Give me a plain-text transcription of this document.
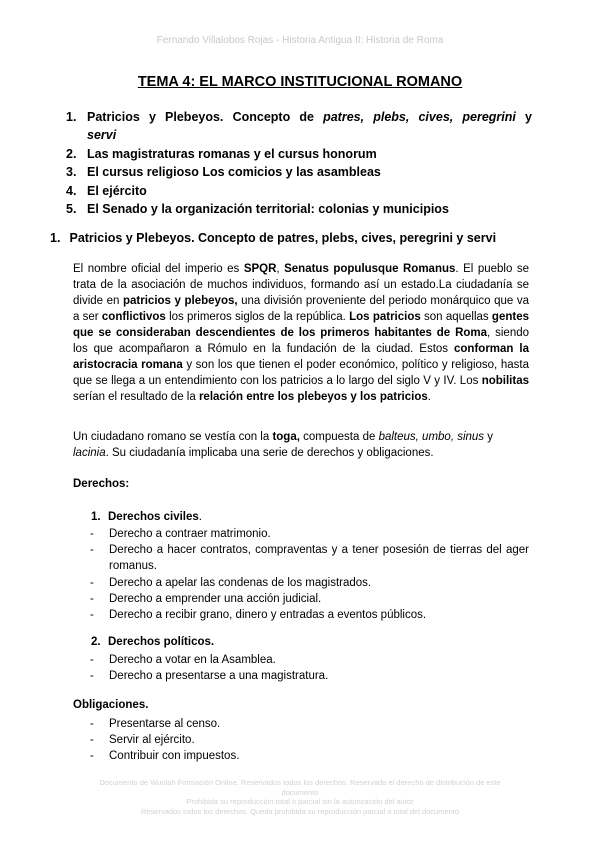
Fernando Villalobos Rojas - Historia Antigua II: Historia de Roma
TEMA 4: EL MARCO INSTITUCIONAL ROMANO
1. Patricios y Plebeyos. Concepto de patres, plebs, cives, peregrini y
servi
2. Las magistraturas romanas y el cursus honorum
3. El cursus religioso Los comicios y las asambleas
4. El ejército
5. El Senado y la organización territorial: colonias y municipios
1. Patricios y Plebeyos. Concepto de patres, plebs, cives, peregrini y servi

El nombre oficial del imperio es SPQR, Senatus populusque Romanus. El pueblo se trata de la asociación de muchos individuos, formando así un estado.La ciudadanía se divide en patricios y plebeyos, una división proveniente del periodo monárquico que va a ser conflictivos los primeros siglos de la república. Los patricios son aquellas gentes que se consideraban descendientes de los primeros habitantes de Roma, siendo los que acompañaron a Rómulo en la fundación de la ciudad. Estos conforman la aristocracia romana y son los que tienen el poder económico, político y religioso, hasta que se llega a un entendimiento con los patricios a lo largo del siglo V y IV. Los nobilitas serían el resultado de la relación entre los plebeyos y los patricios.

Un ciudadano romano se vestía con la toga, compuesta de balteus, umbo, sinus y lacinia. Su ciudadanía implicaba una serie de derechos y obligaciones.

Derechos:
1. Derechos civiles.
- Derecho a contraer matrimonio.
- Derecho a hacer contratos, compraventas y a tener posesión de tierras del ager romanus.
- Derecho a apelar las condenas de los magistrados.
- Derecho a emprender una acción judicial.
- Derecho a recibir grano, dinero y entradas a eventos públicos.
2. Derechos políticos.
- Derecho a votar en la Asamblea.
- Derecho a presentarse a una magistratura.
Obligaciones.
- Presentarse al censo.
- Servir al ejército.
- Contribuir con impuestos.
Documento de Wuolah Formación Online. Reservados todos los derechos. Reservado el derecho de distribución de este documento
Prohibida su reproducción total o parcial sin la autorización del autor
Reservados todos los derechos. Queda prohibida su reproducción parcial o total del documento
